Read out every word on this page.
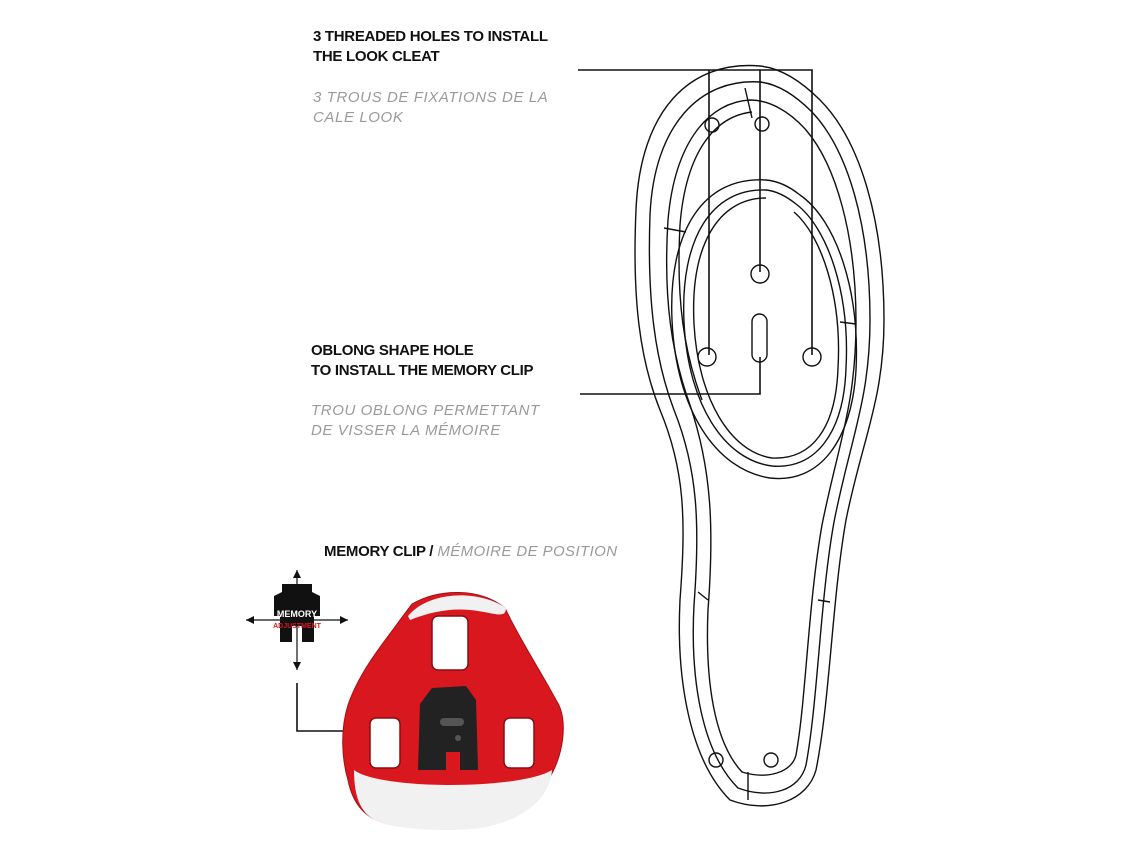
3 THREADED HOLES TO INSTALL
THE LOOK CLEAT
3 TROUS DE FIXATIONS DE LA
CALE LOOK
OBLONG SHAPE HOLE
TO INSTALL THE MEMORY CLIP
TROU OBLONG PERMETTANT
DE VISSER LA MÉMOIRE
MEMORY CLIP / MÉMOIRE DE POSITION
MEMORY
ADJUSTMENT
